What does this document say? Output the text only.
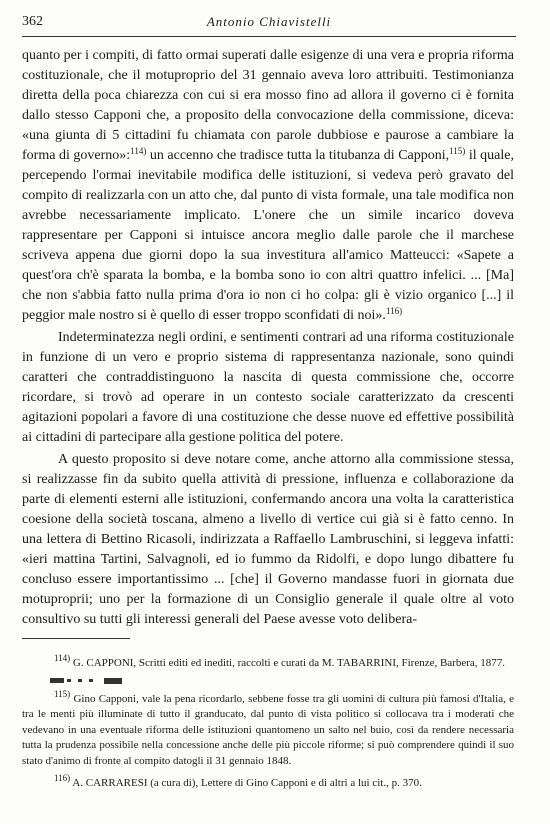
362	Antonio Chiavistelli

quanto per i compiti, di fatto ormai superati dalle esigenze di una vera e propria riforma costituzionale, che il motuproprio del 31 gennaio aveva loro attribuiti. Testimonianza diretta della poca chiarezza con cui si era mosso fino ad allora il governo ci è fornita dallo stesso Capponi che, a proposito della convocazione della commissione, diceva: «una giunta di 5 cittadini fu chiamata con parole dubbiose e paurose a cambiare la forma di governo»:$^{114)}$ un accenno che tradisce tutta la titubanza di Capponi,$^{115)}$ il quale, percependo l'ormai inevitabile modifica delle istituzioni, si vedeva però gravato del compito di realizzarla con un atto che, dal punto di vista formale, una tale modifica non avrebbe necessariamente implicato. L'onere che un simile incarico doveva rappresentare per Capponi si intuisce ancora meglio dalle parole che il marchese scriveva appena due giorni dopo la sua investitura all'amico Matteucci: «Sapete a quest'ora ch'è sparata la bomba, e la bomba sono io con altri quattro infelici. ... [Ma] che non s'abbia fatto nulla prima d'ora io non ci ho colpa: gli è vizio organico [...] il peggior male nostro si è quello di esser troppo sconfidati di noi».$^{116)}$

Indeterminatezza negli ordini, e sentimenti contrari ad una riforma costituzionale in funzione di un vero e proprio sistema di rappresentanza nazionale, sono quindi caratteri che contraddistinguono la nascita di questa commissione che, occorre ricordare, si trovò ad operare in un contesto sociale caratterizzato da crescenti agitazioni popolari a favore di una costituzione che desse nuove ed effettive possibilità ai cittadini di partecipare alla gestione politica del potere.

A questo proposito si deve notare come, anche attorno alla commissione stessa, si realizzasse fin da subito quella attività di pressione, influenza e collaborazione da parte di elementi esterni alle istituzioni, confermando ancora una volta la caratteristica coesione della società toscana, almeno a livello di vertice cui già si è fatto cenno. In una lettera di Bettino Ricasoli, indirizzata a Raffaello Lambruschini, si leggeva infatti: «ieri mattina Tartini, Salvagnoli, ed io fummo da Ridolfi, e dopo lungo dibattere fu concluso essere importantissimo ... [che] il Governo mandasse fuori in giornata due motuproprii; uno per la formazione di un Consiglio generale il quale oltre al voto consultivo su tutti gli interessi generali del Paese avesse voto delibera-

$^{114)}$ G. CAPPONI, Scritti editi ed inediti, raccolti e curati da M. TABARRINI, Firenze, Barbera, 1877.

$^{115)}$ Gino Capponi, vale la pena ricordarlo, sebbene fosse tra gli uomini di cultura più famosi d'Italia, e tra le menti più illuminate di tutto il granducato, dal punto di vista politico si collocava tra i moderati che vedevano in una eventuale riforma delle istituzioni quantomeno un salto nel buio, così da rendere necessaria tutta la prudenza possibile nella concessione anche delle più piccole riforme; si può comprendere quindi il suo stato d'animo di fronte al compito datogli il 31 gennaio 1848.

$^{116)}$ A. CARRARESI (a cura di), Lettere di Gino Capponi e di altri a lui cit., p. 370.
